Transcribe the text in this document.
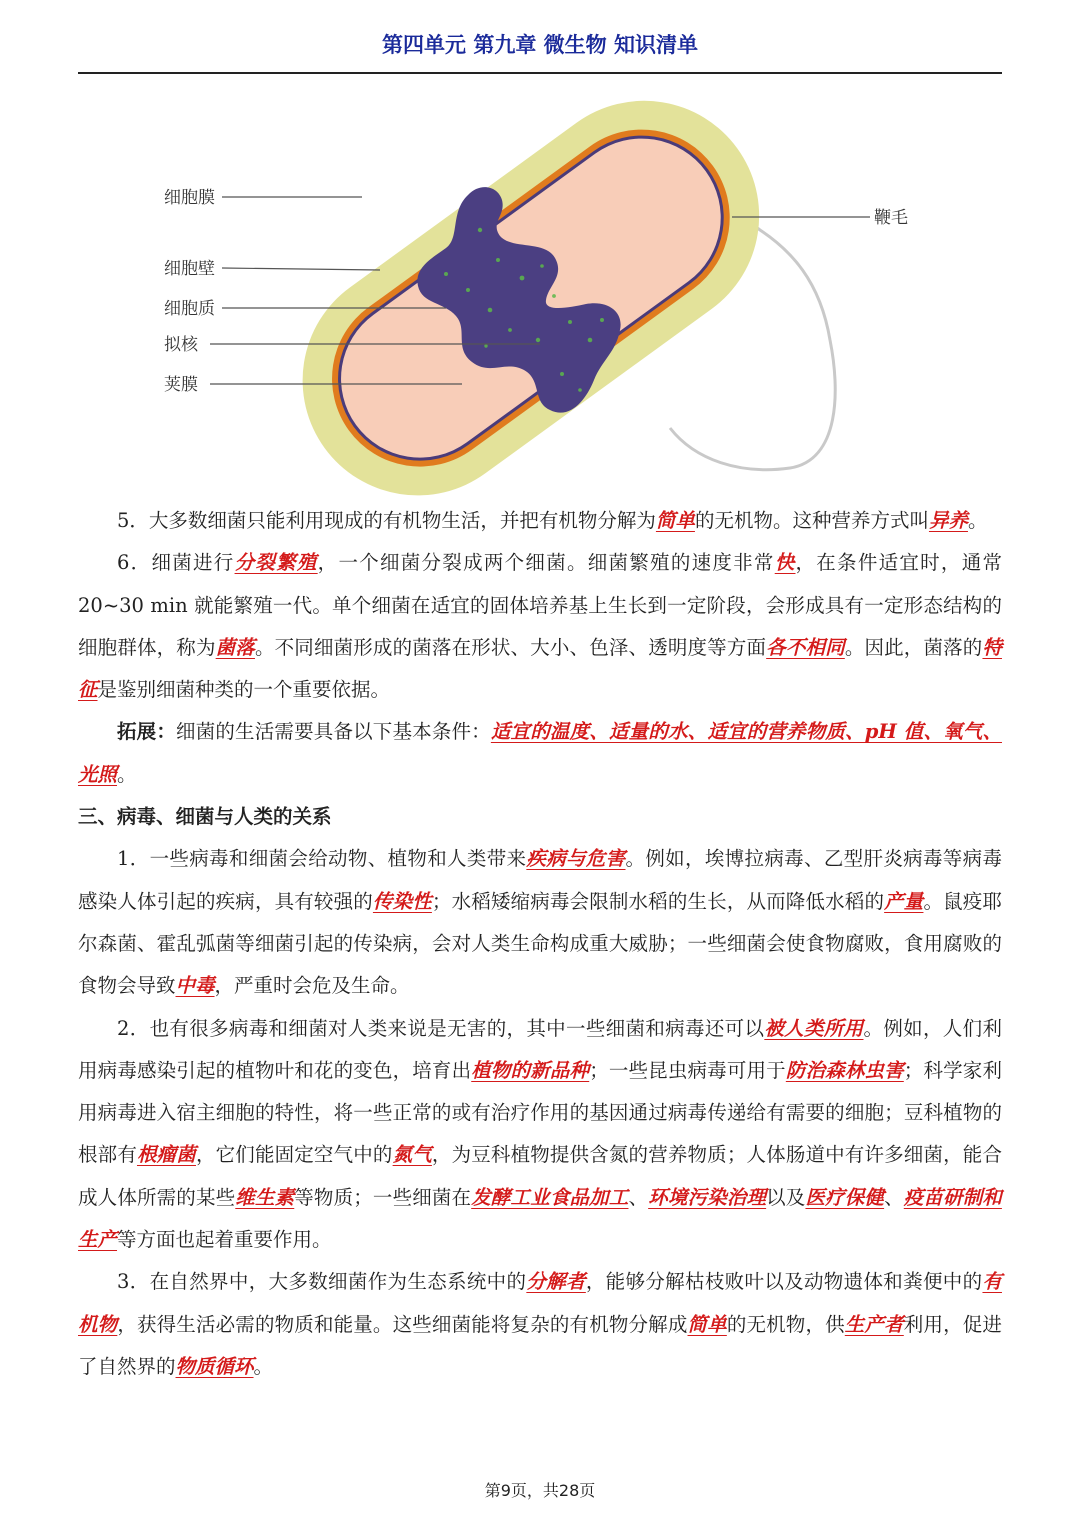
第四单元 第九章 微生物 知识清单
细胞膜
细胞壁
细胞质
拟核
荚膜
鞭毛

5．大多数细菌只能利用现成的有机物生活，并把有机物分解为简单的无机物。这种营养方式叫异养。

6．细菌进行分裂繁殖，一个细菌分裂成两个细菌。细菌繁殖的速度非常快，在条件适宜时，通常 20~30 min 就能繁殖一代。单个细菌在适宜的固体培养基上生长到一定阶段，会形成具有一定形态结构的细胞群体，称为菌落。不同细菌形成的菌落在形状、大小、色泽、透明度等方面各不相同。因此，菌落的特征是鉴别细菌种类的一个重要依据。

拓展：细菌的生活需要具备以下基本条件：适宜的温度、适量的水、适宜的营养物质、pH 值、氧气、光照。

三、病毒、细菌与人类的关系

1．一些病毒和细菌会给动物、植物和人类带来疾病与危害。例如，埃博拉病毒、乙型肝炎病毒等病毒感染人体引起的疾病，具有较强的传染性；水稻矮缩病毒会限制水稻的生长，从而降低水稻的产量。鼠疫耶尔森菌、霍乱弧菌等细菌引起的传染病，会对人类生命构成重大威胁；一些细菌会使食物腐败，食用腐败的食物会导致中毒，严重时会危及生命。

2．也有很多病毒和细菌对人类来说是无害的，其中一些细菌和病毒还可以被人类所用。例如，人们利用病毒感染引起的植物叶和花的变色，培育出植物的新品种；一些昆虫病毒可用于防治森林虫害；科学家利用病毒进入宿主细胞的特性，将一些正常的或有治疗作用的基因通过病毒传递给有需要的细胞；豆科植物的根部有根瘤菌，它们能固定空气中的氮气，为豆科植物提供含氮的营养物质；人体肠道中有许多细菌，能合成人体所需的某些维生素等物质；一些细菌在发酵工业食品加工、环境污染治理以及医疗保健、疫苗研制和生产等方面也起着重要作用。

3．在自然界中，大多数细菌作为生态系统中的分解者，能够分解枯枝败叶以及动物遗体和粪便中的有机物，获得生活必需的物质和能量。这些细菌能将复杂的有机物分解成简单的无机物，供生产者利用，促进了自然界的物质循环。

第9页，共28页
